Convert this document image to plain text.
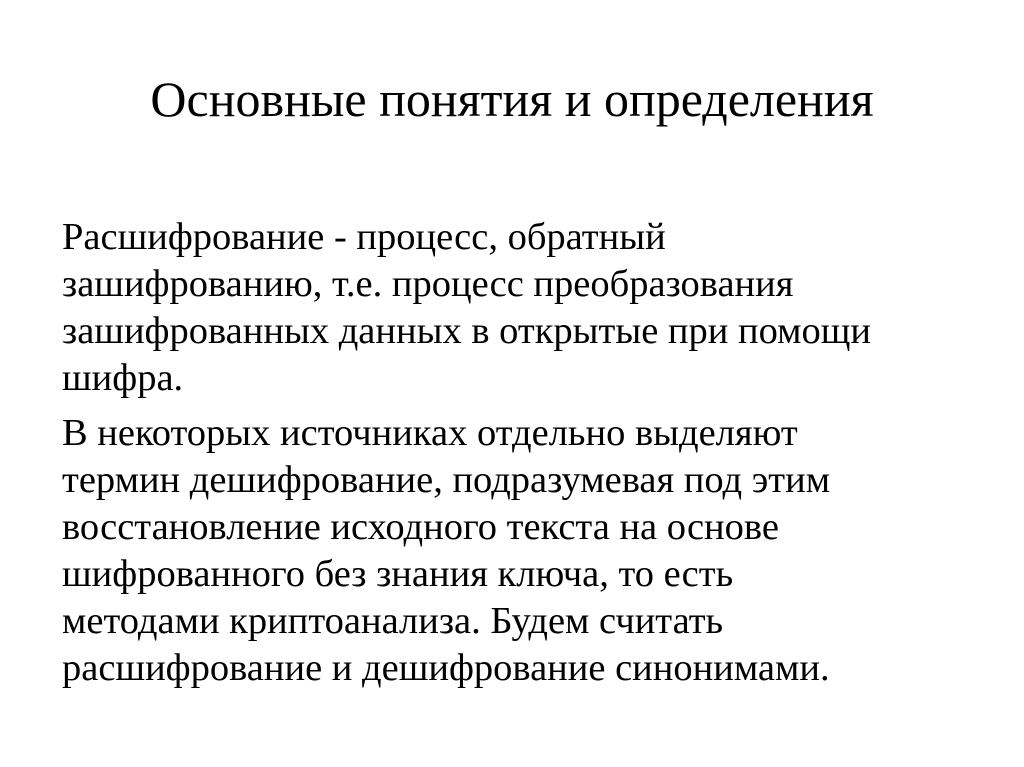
Основные понятия и определения

Расшифрование - процесс, обратный
зашифрованию, т.е. процесс преобразования
зашифрованных данных в открытые при помощи
шифра.

В некоторых источниках отдельно выделяют
термин дешифрование, подразумевая под этим
восстановление исходного текста на основе
шифрованного без знания ключа, то есть
методами криптоанализа. Будем считать
расшифрование и дешифрование синонимами.
